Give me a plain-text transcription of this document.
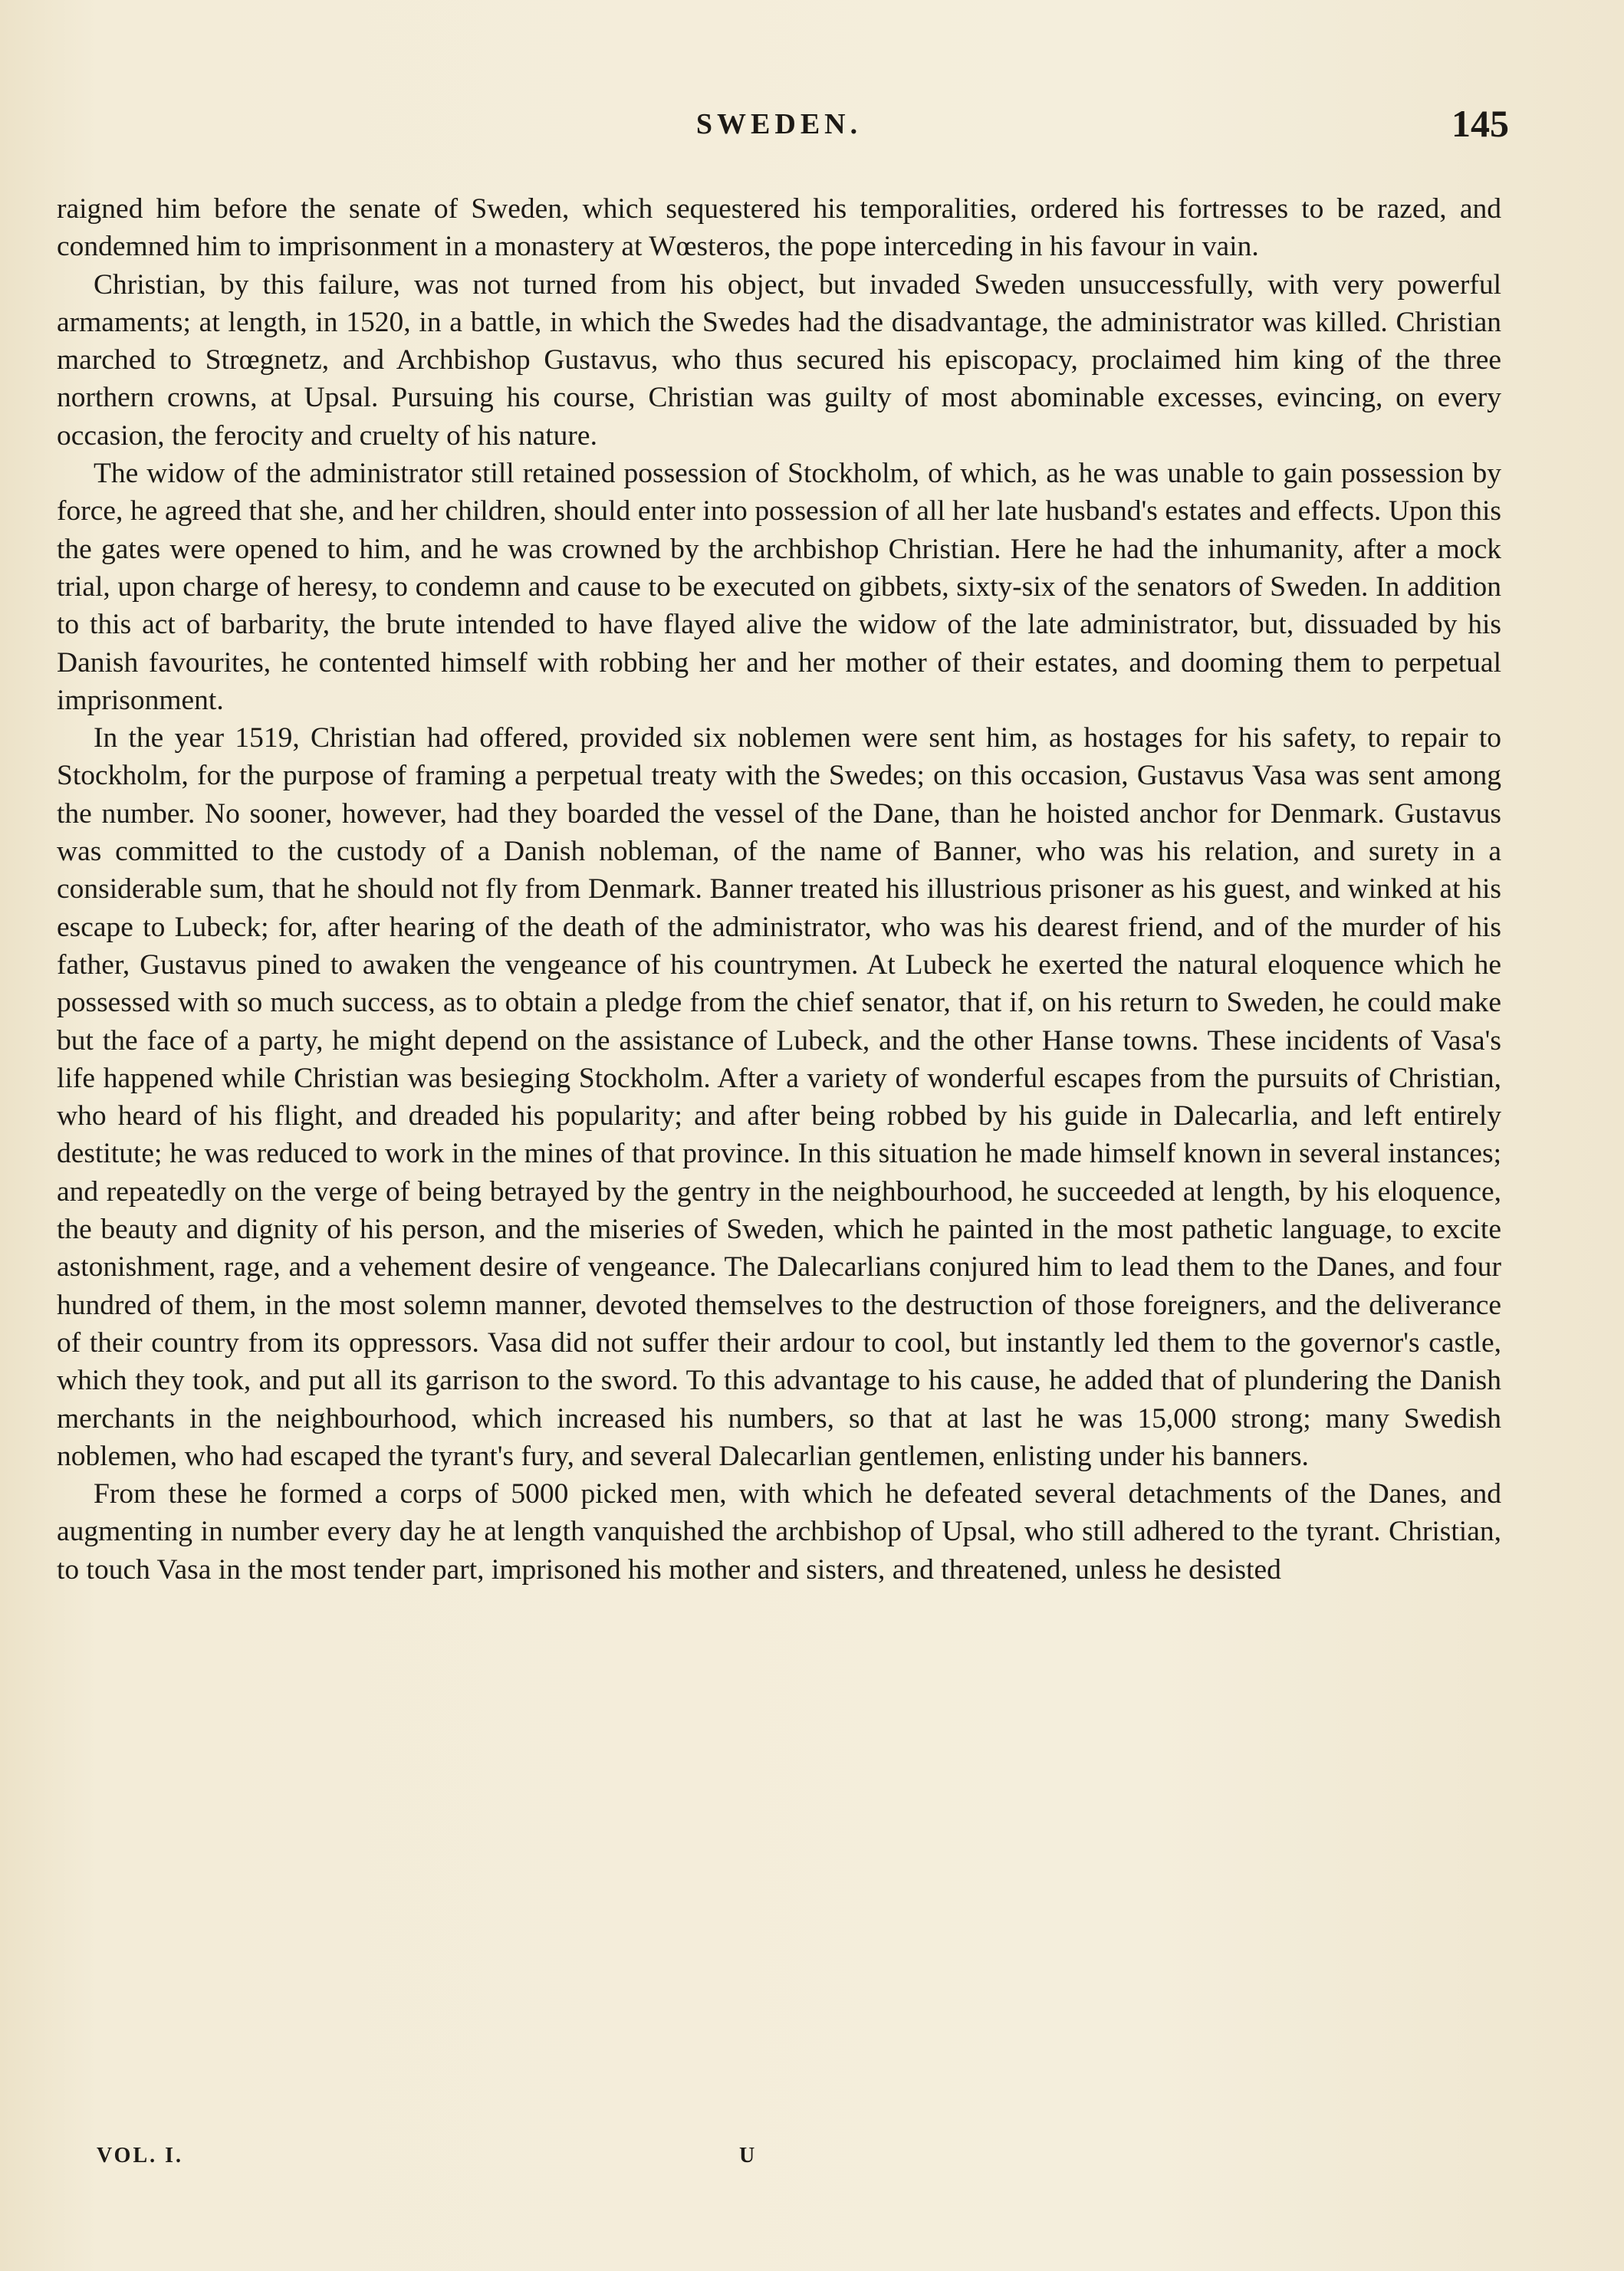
SWEDEN.	145

raigned him before the senate of Sweden, which sequestered his temporalities, ordered his fortresses to be razed, and condemned him to imprisonment in a monastery at Wœsteros, the pope interceding in his favour in vain.

Christian, by this failure, was not turned from his object, but invaded Sweden unsuccessfully, with very powerful armaments; at length, in 1520, in a battle, in which the Swedes had the disadvantage, the administrator was killed. Christian marched to Strœgnetz, and Archbishop Gustavus, who thus secured his episcopacy, proclaimed him king of the three northern crowns, at Upsal. Pursuing his course, Christian was guilty of most abominable excesses, evincing, on every occasion, the ferocity and cruelty of his nature.

The widow of the administrator still retained possession of Stockholm, of which, as he was unable to gain possession by force, he agreed that she, and her children, should enter into possession of all her late husband's estates and effects. Upon this the gates were opened to him, and he was crowned by the archbishop Christian. Here he had the inhumanity, after a mock trial, upon charge of heresy, to condemn and cause to be executed on gibbets, sixty-six of the senators of Sweden. In addition to this act of barbarity, the brute intended to have flayed alive the widow of the late administrator, but, dissuaded by his Danish favourites, he contented himself with robbing her and her mother of their estates, and dooming them to perpetual imprisonment.

In the year 1519, Christian had offered, provided six noblemen were sent him, as hostages for his safety, to repair to Stockholm, for the purpose of framing a perpetual treaty with the Swedes; on this occasion, Gustavus Vasa was sent among the number. No sooner, however, had they boarded the vessel of the Dane, than he hoisted anchor for Denmark. Gustavus was committed to the custody of a Danish nobleman, of the name of Banner, who was his relation, and surety in a considerable sum, that he should not fly from Denmark. Banner treated his illustrious prisoner as his guest, and winked at his escape to Lubeck; for, after hearing of the death of the administrator, who was his dearest friend, and of the murder of his father, Gustavus pined to awaken the vengeance of his countrymen. At Lubeck he exerted the natural eloquence which he possessed with so much success, as to obtain a pledge from the chief senator, that if, on his return to Sweden, he could make but the face of a party, he might depend on the assistance of Lubeck, and the other Hanse towns. These incidents of Vasa's life happened while Christian was besieging Stockholm. After a variety of wonderful escapes from the pursuits of Christian, who heard of his flight, and dreaded his popularity; and after being robbed by his guide in Dalecarlia, and left entirely destitute; he was reduced to work in the mines of that province. In this situation he made himself known in several instances; and repeatedly on the verge of being betrayed by the gentry in the neighbourhood, he succeeded at length, by his eloquence, the beauty and dignity of his person, and the miseries of Sweden, which he painted in the most pathetic language, to excite astonishment, rage, and a vehement desire of vengeance. The Dalecarlians conjured him to lead them to the Danes, and four hundred of them, in the most solemn manner, devoted themselves to the destruction of those foreigners, and the deliverance of their country from its oppressors. Vasa did not suffer their ardour to cool, but instantly led them to the governor's castle, which they took, and put all its garrison to the sword. To this advantage to his cause, he added that of plundering the Danish merchants in the neighbourhood, which increased his numbers, so that at last he was 15,000 strong; many Swedish noblemen, who had escaped the tyrant's fury, and several Dalecarlian gentlemen, enlisting under his banners.

From these he formed a corps of 5000 picked men, with which he defeated several detachments of the Danes, and augmenting in number every day he at length vanquished the archbishop of Upsal, who still adhered to the tyrant. Christian, to touch Vasa in the most tender part, imprisoned his mother and sisters, and threatened, unless he desisted

VOL. I.	U
